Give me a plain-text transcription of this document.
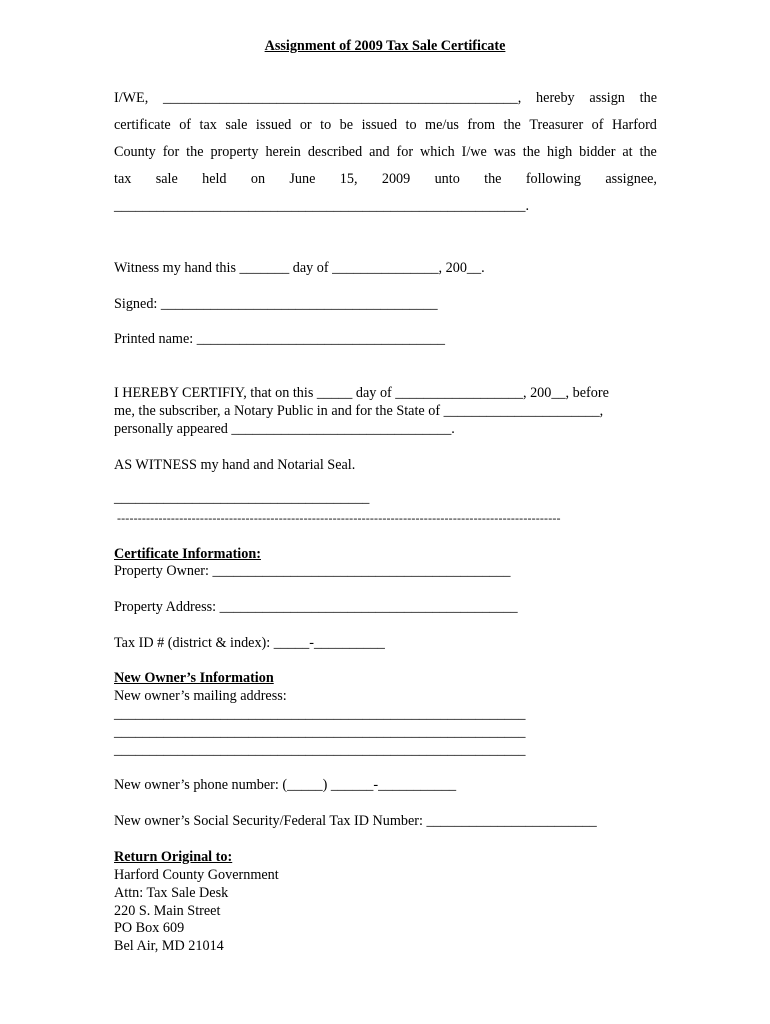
Assignment of 2009 Tax Sale Certificate
I/WE, __________________________________________________, hereby assign the
certificate of tax sale issued or to be issued to me/us from the Treasurer of Harford
County for the property herein described and for which I/we was the high bidder at the
tax sale held on June 15, 2009 unto the following assignee,
__________________________________________________________.
Witness my hand this _______ day of _______________, 200__.
Signed: _______________________________________
Printed name: ___________________________________
I HEREBY CERTIFIY, that on this _____ day of __________________, 200__, before
me, the subscriber, a Notary Public in and for the State of ______________________,
personally appeared _______________________________.
AS WITNESS my hand and Notarial Seal.
____________________________________
-----------------------------------------------------------------------------------------------------------
Certificate Information:
Property Owner: __________________________________________
Property Address: __________________________________________
Tax ID # (district & index): _____-__________
New Owner’s Information
New owner’s mailing address:
__________________________________________________________
__________________________________________________________
__________________________________________________________
New owner’s phone number: (_____) ______-___________
New owner’s Social Security/Federal Tax ID Number: ________________________
Return Original to:
Harford County Government
Attn: Tax Sale Desk
220 S. Main Street
PO Box 609
Bel Air, MD 21014
